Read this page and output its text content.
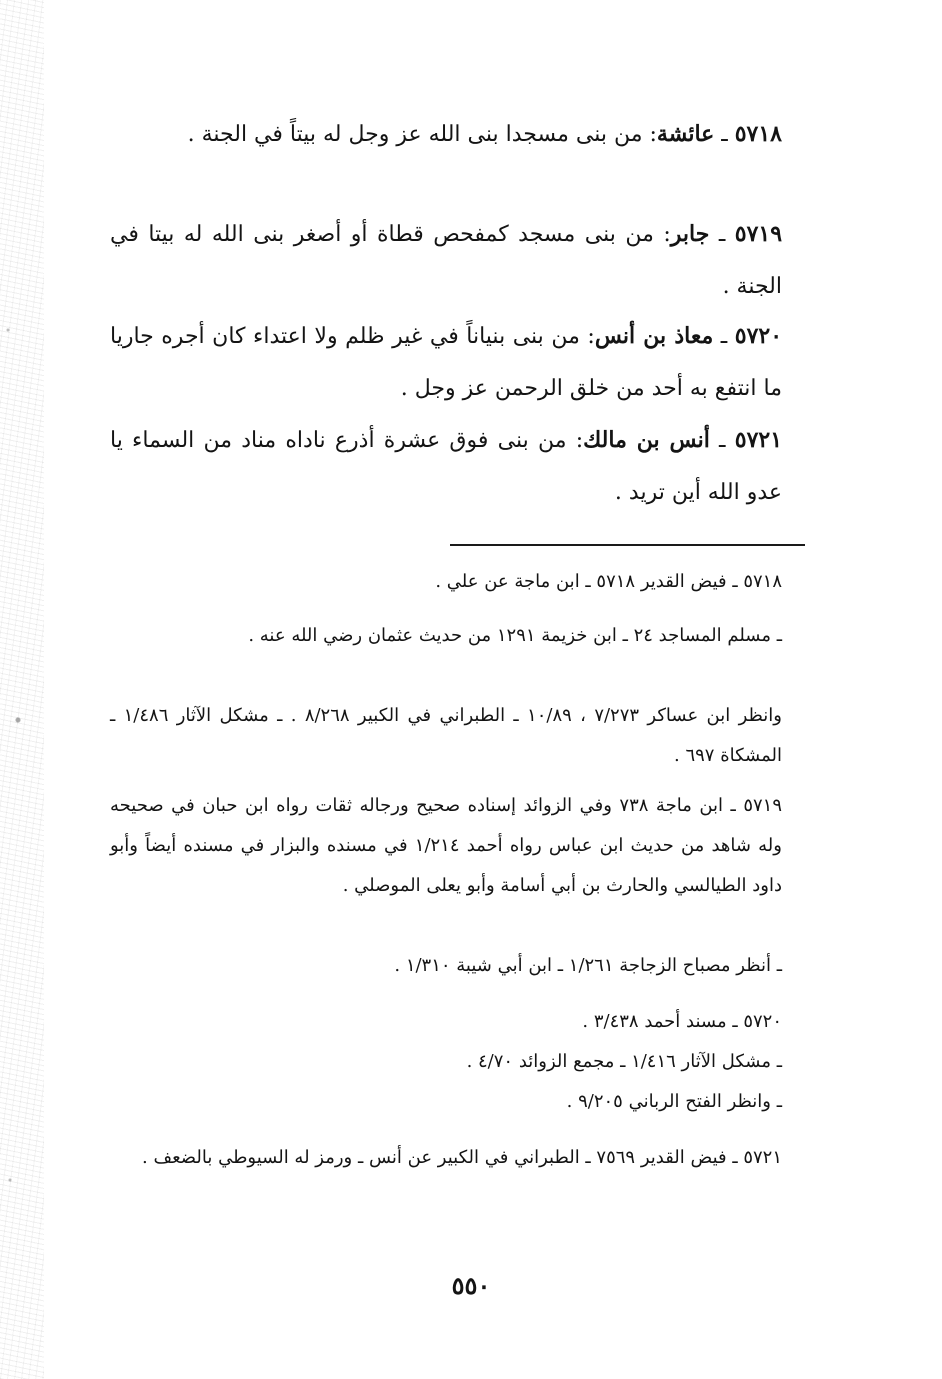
٥٧١٨ ـ عائشة: من بنى مسجدا بنى الله عز وجل له بيتاً في الجنة .
٥٧١٩ ـ جابر: من بنى مسجد كمفحص قطاة أو أصغر بنى الله له بيتا في الجنة .
٥٧٢٠ ـ معاذ بن أنس: من بنى بنياناً في غير ظلم ولا اعتداء كان أجره جاريا ما انتفع به أحد من خلق الرحمن عز وجل .
٥٧٢١ ـ أنس بن مالك: من بنى فوق عشرة أذرع ناداه مناد من السماء يا عدو الله أين تريد .
٥٧١٨ ـ فيض القدير ٥٧١٨ ـ ابن ماجة عن علي .
ـ مسلم المساجد ٢٤ ـ ابن خزيمة ١٢٩١ من حديث عثمان رضي الله عنه .
وانظر ابن عساكر ٧/٢٧٣ ، ١٠/٨٩ ـ الطبراني في الكبير ٨/٢٦٨ . ـ مشكل الآثار ١/٤٨٦ ـ المشكاة ٦٩٧ .
٥٧١٩ ـ ابن ماجة ٧٣٨ وفي الزوائد إسناده صحيح ورجاله ثقات رواه ابن حبان في صحيحه وله شاهد من حديث ابن عباس رواه أحمد ١/٢١٤ في مسنده والبزار في مسنده أيضاً وأبو داود الطيالسي والحارث بن أبي أسامة وأبو يعلى الموصلي .
ـ أنظر مصباح الزجاجة ١/٢٦١ ـ ابن أبي شيبة ١/٣١٠ .
٥٧٢٠ ـ مسند أحمد ٣/٤٣٨ .
ـ مشكل الآثار ١/٤١٦ ـ مجمع الزوائد ٤/٧٠ .
ـ وانظر الفتح الرباني ٩/٢٠٥ .
٥٧٢١ ـ فيض القدير ٧٥٦٩ ـ الطبراني في الكبير عن أنس ـ ورمز له السيوطي بالضعف .
٥٥٠
